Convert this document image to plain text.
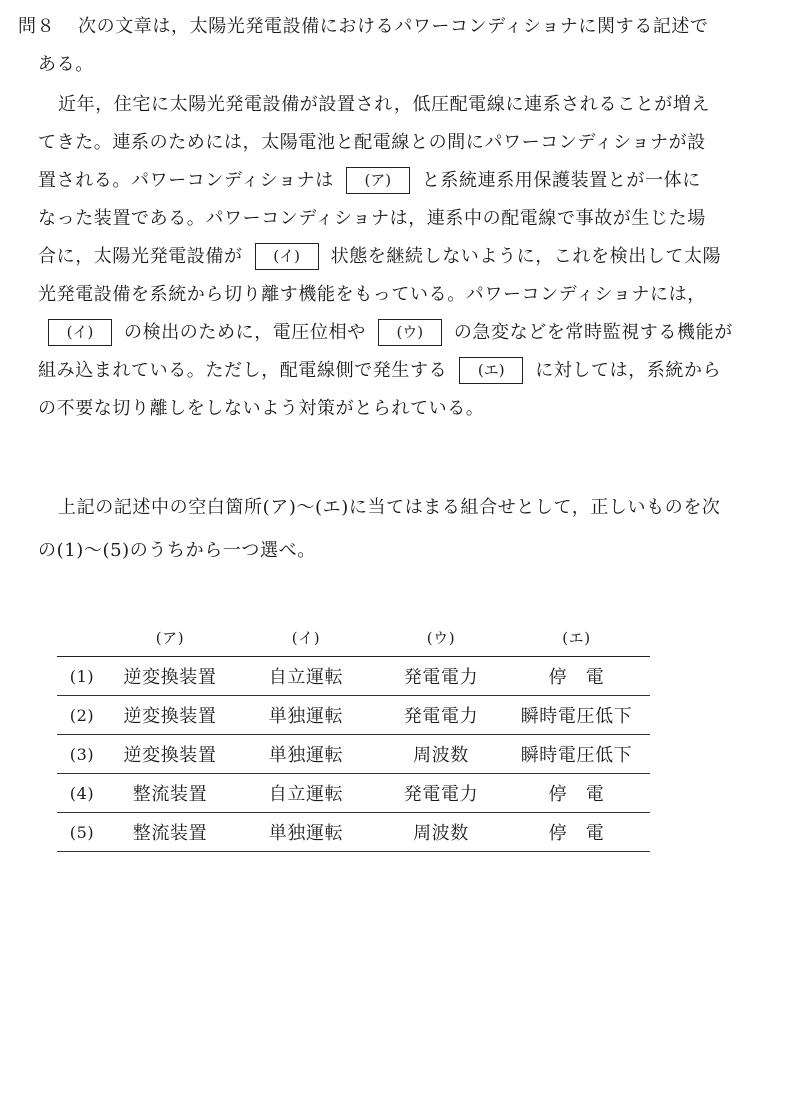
問８ 次の文章は，太陽光発電設備におけるパワーコンディショナに関する記述で
ある。
近年，住宅に太陽光発電設備が設置され，低圧配電線に連系されることが増え
てきた。連系のためには，太陽電池と配電線との間にパワーコンディショナが設
置される。パワーコンディショナは (ア) と系統連系用保護装置とが一体に
なった装置である。パワーコンディショナは，連系中の配電線で事故が生じた場
合に，太陽光発電設備が (イ) 状態を継続しないように，これを検出して太陽
光発電設備を系統から切り離す機能をもっている。パワーコンディショナには，
(イ) の検出のために，電圧位相や (ウ) の急変などを常時監視する機能が
組み込まれている。ただし，配電線側で発生する (エ) に対しては，系統から
の不要な切り離しをしないよう対策がとられている。
上記の記述中の空白箇所(ア)～(エ)に当てはまる組合せとして，正しいものを次
の(1)～(5)のうちから一つ選べ。
	(ア)	(イ)	(ウ)	(エ)
(1)	逆変換装置	自立運転	発電電力	停　電
(2)	逆変換装置	単独運転	発電電力	瞬時電圧低下
(3)	逆変換装置	単独運転	周波数	瞬時電圧低下
(4)	整流装置	自立運転	発電電力	停　電
(5)	整流装置	単独運転	周波数	停　電
